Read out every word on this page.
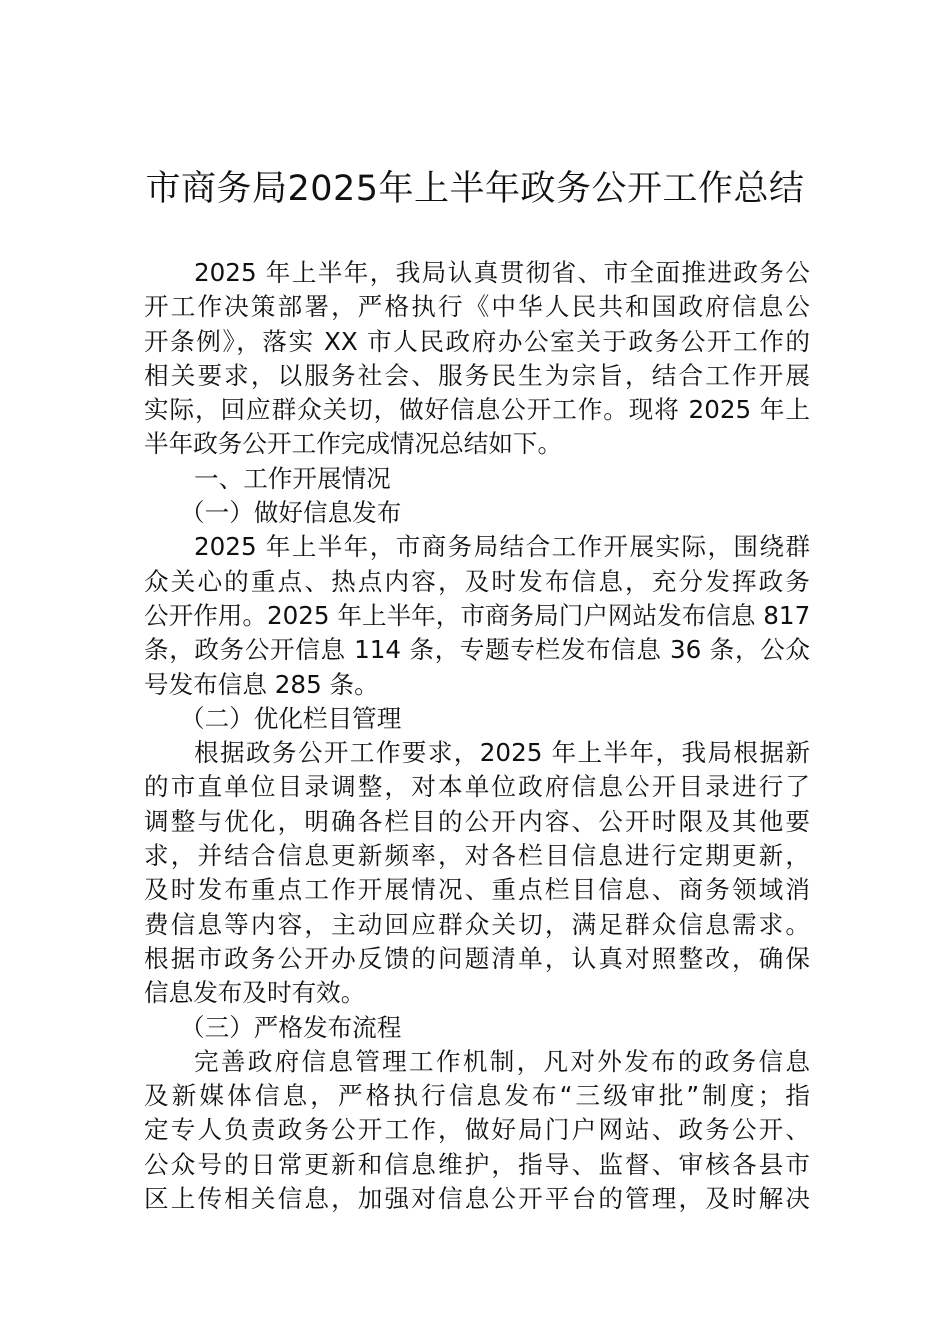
市商务局2025年上半年政务公开工作总结
2025 年上半年，我局认真贯彻省、市全面推进政务公
开工作决策部署，严格执行《中华人民共和国政府信息公
开条例》，落实 XX 市人民政府办公室关于政务公开工作的
相关要求，以服务社会、服务民生为宗旨，结合工作开展
实际，回应群众关切，做好信息公开工作。现将 2025 年上
半年政务公开工作完成情况总结如下。
一、工作开展情况
（一）做好信息发布
2025 年上半年，市商务局结合工作开展实际，围绕群
众关心的重点、热点内容，及时发布信息，充分发挥政务
公开作用。2025 年上半年，市商务局门户网站发布信息 817
条，政务公开信息 114 条，专题专栏发布信息 36 条，公众
号发布信息 285 条。
（二）优化栏目管理
根据政务公开工作要求，2025 年上半年，我局根据新
的市直单位目录调整，对本单位政府信息公开目录进行了
调整与优化，明确各栏目的公开内容、公开时限及其他要
求，并结合信息更新频率，对各栏目信息进行定期更新，
及时发布重点工作开展情况、重点栏目信息、商务领域消
费信息等内容，主动回应群众关切，满足群众信息需求。
根据市政务公开办反馈的问题清单，认真对照整改，确保
信息发布及时有效。
（三）严格发布流程
完善政府信息管理工作机制，凡对外发布的政务信息
及新媒体信息，严格执行信息发布“三级审批”制度；指
定专人负责政务公开工作，做好局门户网站、政务公开、
公众号的日常更新和信息维护，指导、监督、审核各县市
区上传相关信息，加强对信息公开平台的管理，及时解决
